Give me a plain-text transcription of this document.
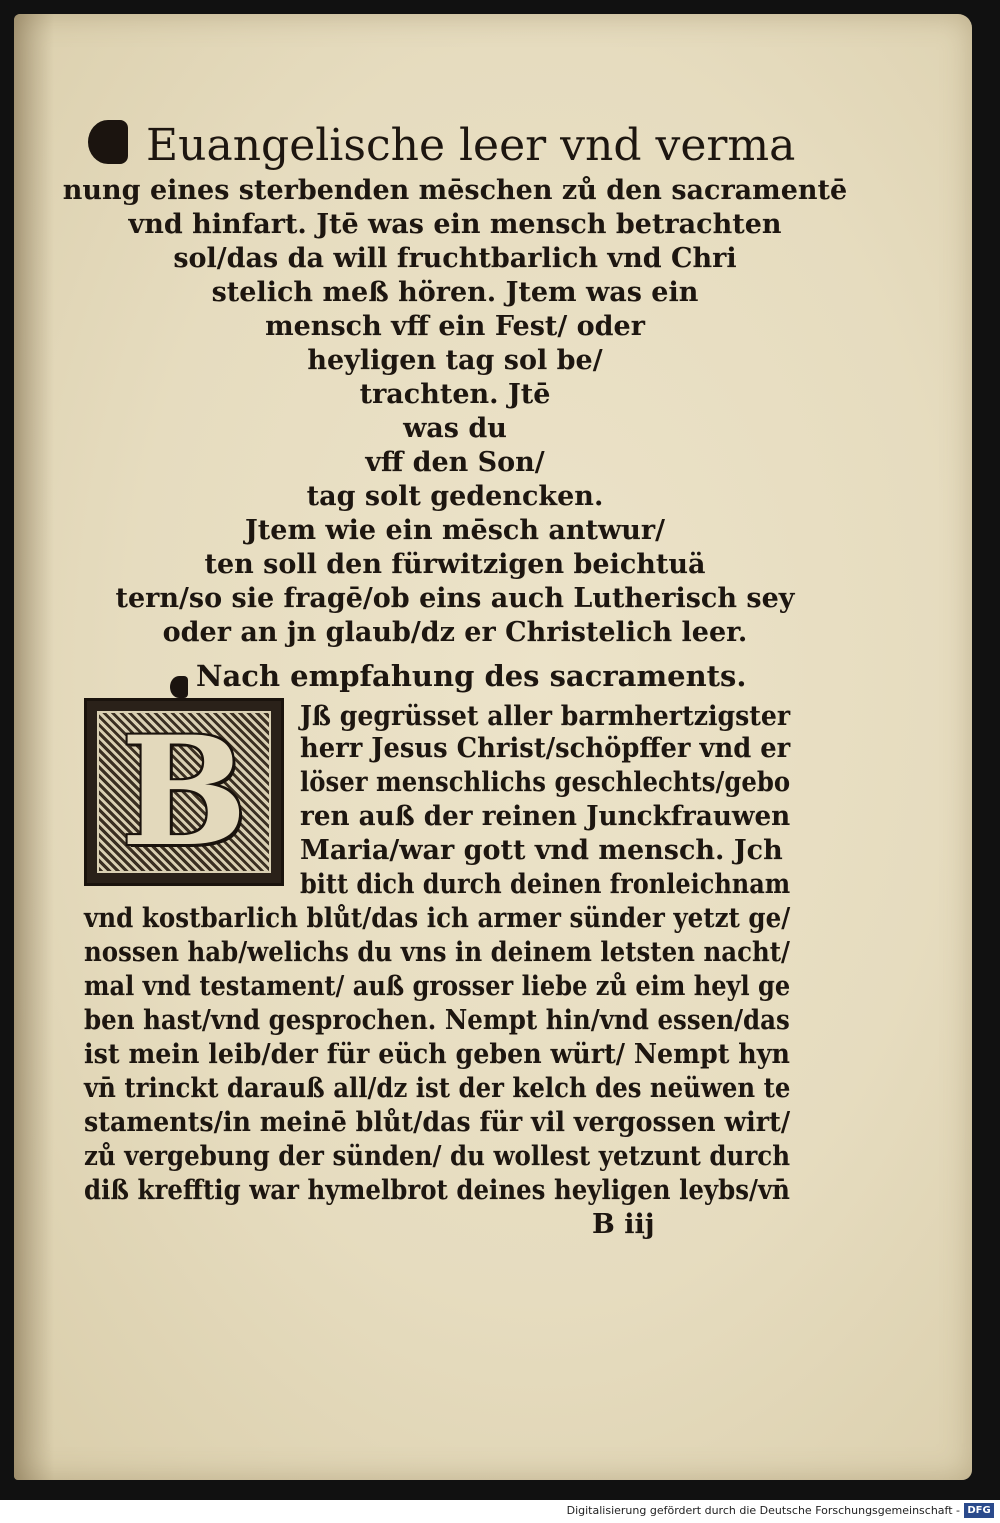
Euangelische leer vnd verma
nung eines sterbenden mēschen zů den sacramentē
vnd hinfart. Jtē was ein mensch betrachten
sol/das da will fruchtbarlich vnd Chri
stelich meß hören. Jtem was ein
mensch vff ein Fest/ oder
heyligen tag sol be/
trachten. Jtē
was du
vff den Son/
tag solt gedencken.
Jtem wie ein mēsch antwur/
ten soll den fürwitzigen beichtuä
tern/so sie fragē/ob eins auch Lutherisch sey
oder an jn glaub/dz er Christelich leer.
Nach empfahung des sacraments.
B	Jß gegrüsset aller barmhertzigster
herr Jesus Christ/schöpffer vnd er
löser menschlichs geschlechts/gebo
ren auß der reinen Junckfrauwen
Maria/war gott vnd mensch. Jch
bitt dich durch deinen fronleichnam
vnd kostbarlich blůt/das ich armer sünder yetzt ge/
nossen hab/welichs du vns in deinem letsten nacht/
mal vnd testament/ auß grosser liebe zů eim heyl ge
ben hast/vnd gesprochen. Nempt hin/vnd essen/das
ist mein leib/der für eüch geben würt/ Nempt hyn
vn̄ trinckt darauß all/dz ist der kelch des neüwen te
staments/in meinē blůt/das für vil vergossen wirt/
zů vergebung der sünden/ du wollest yetzunt durch
diß krefftig war hymelbrot deines heyligen leybs/vn̄
B iij
Digitalisierung gefördert durch die Deutsche Forschungsgemeinschaft - DFG
